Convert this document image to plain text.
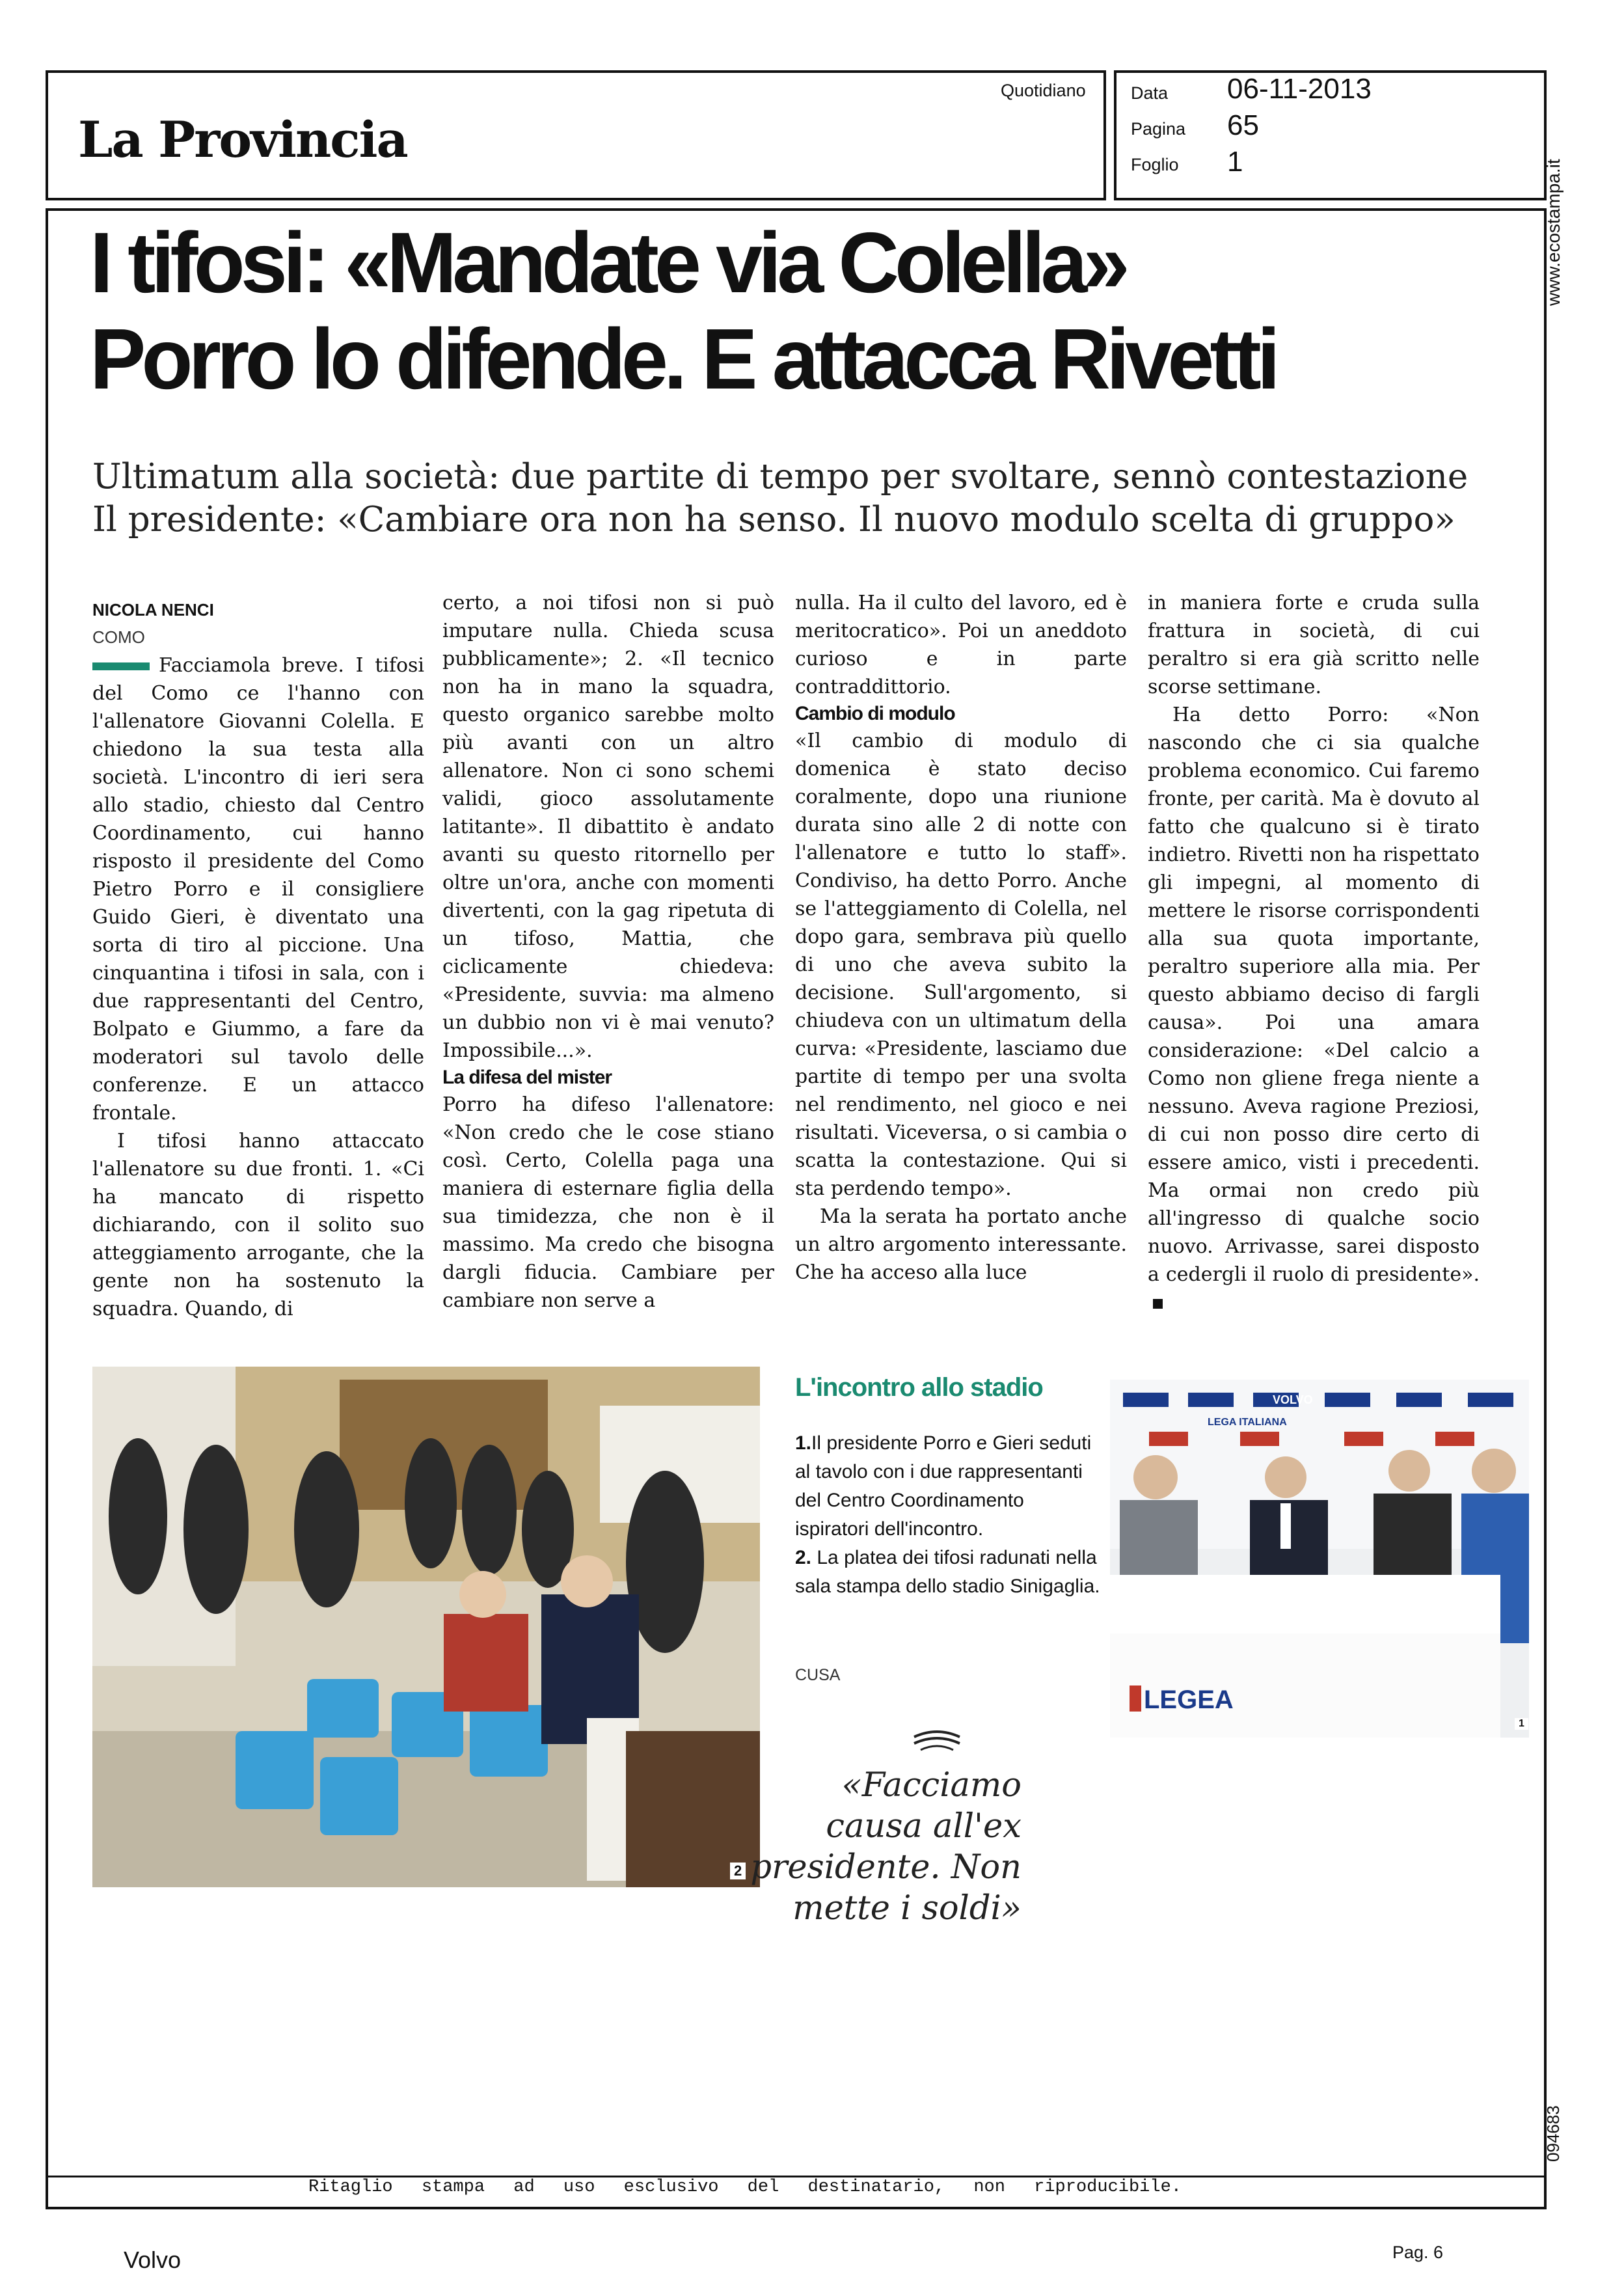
La Provincia
Quotidiano	Data 06-11-2013
Pagina 65
Foglio 1	www.ecostampa.it
094683
I tifosi: «Mandate via Colella»
Porro lo difende. E attacca Rivetti
Ultimatum alla società: due partite di tempo per svoltare, sennò contestazione
Il presidente: «Cambiare ora non ha senso. Il nuovo modulo scelta di gruppo»
NICOLA NENCI
COMO

Facciamola breve. I tifosi del Como ce l'hanno con l'allenatore Giovanni Colella. E chiedono la sua testa alla società. L'incontro di ieri sera allo stadio, chiesto dal Centro Coordinamento, cui hanno risposto il presidente del Como Pietro Porro e il consigliere Guido Gieri, è diventato una sorta di tiro al piccione. Una cinquantina i tifosi in sala, con i due rappresentanti del Centro, Bolpato e Giummo, a fare da moderatori sul tavolo delle conferenze. E un attacco frontale.

I tifosi hanno attaccato l'allenatore su due fronti. 1. «Ci ha mancato di rispetto dichiarando, con il solito suo atteggiamento arrogante, che la gente non ha sostenuto la squadra. Quando, di

certo, a noi tifosi non si può imputare nulla. Chieda scusa pubblicamente»; 2. «Il tecnico non ha in mano la squadra, questo organico sarebbe molto più avanti con un altro allenatore. Non ci sono schemi validi, gioco assolutamente latitante». Il dibattito è andato avanti su questo ritornello per oltre un'ora, anche con momenti divertenti, con la gag ripetuta di un tifoso, Mattia, che ciclicamente chiedeva: «Presidente, suvvia: ma almeno un dubbio non vi è mai venuto? Impossibile...».

La difesa del mister

Porro ha difeso l'allenatore: «Non credo che le cose stiano così. Certo, Colella paga una maniera di esternare figlia della sua timidezza, che non è il massimo. Ma credo che bisogna dargli fiducia. Cambiare per cambiare non serve a

nulla. Ha il culto del lavoro, ed è meritocratico». Poi un aneddoto curioso e in parte contraddittorio.

Cambio di modulo

«Il cambio di modulo di domenica è stato deciso coralmente, dopo una riunione durata sino alle 2 di notte con l'allenatore e tutto lo staff». Condiviso, ha detto Porro. Anche se l'atteggiamento di Colella, nel dopo gara, sembrava più quello di uno che aveva subito la decisione. Sull'argomento, si chiudeva con un ultimatum della curva: «Presidente, lasciamo due partite di tempo per una svolta nel rendimento, nel gioco e nei risultati. Viceversa, o si cambia o scatta la contestazione. Qui si sta perdendo tempo».

Ma la serata ha portato anche un altro argomento interessante. Che ha acceso alla luce

in maniera forte e cruda sulla frattura in società, di cui peraltro si era già scritto nelle scorse settimane.

Ha detto Porro: «Non nascondo che ci sia qualche problema economico. Cui faremo fronte, per carità. Ma è dovuto al fatto che qualcuno si è tirato indietro. Rivetti non ha rispettato gli impegni, al momento di mettere le risorse corrispondenti alla sua quota importante, peraltro superiore alla mia. Per questo abbiamo deciso di fargli causa». Poi una amara considerazione: «Del calcio a Como non gliene frega niente a nessuno. Aveva ragione Preziosi, di cui non posso dire certo di essere amico, visti i precedenti. Ma ormai non credo più all'ingresso di qualche socio nuovo. Arrivasse, sarei disposto a cedergli il ruolo di presidente».

2
L'incontro allo stadio
1.Il presidente Porro e Gieri seduti al tavolo con i due rappresentanti del Centro Coordinamento ispiratori dell'incontro.
2. La platea dei tifosi radunati nella sala stampa dello stadio Sinigaglia.
CUSA
VOLVO
LEGA ITALIANA
LEGEA
1
«Facciamo causa all'ex presidente. Non mette i soldi»
Ritaglio stampa ad uso esclusivo del destinatario, non riproducibile.
Volvo	Pag. 6
